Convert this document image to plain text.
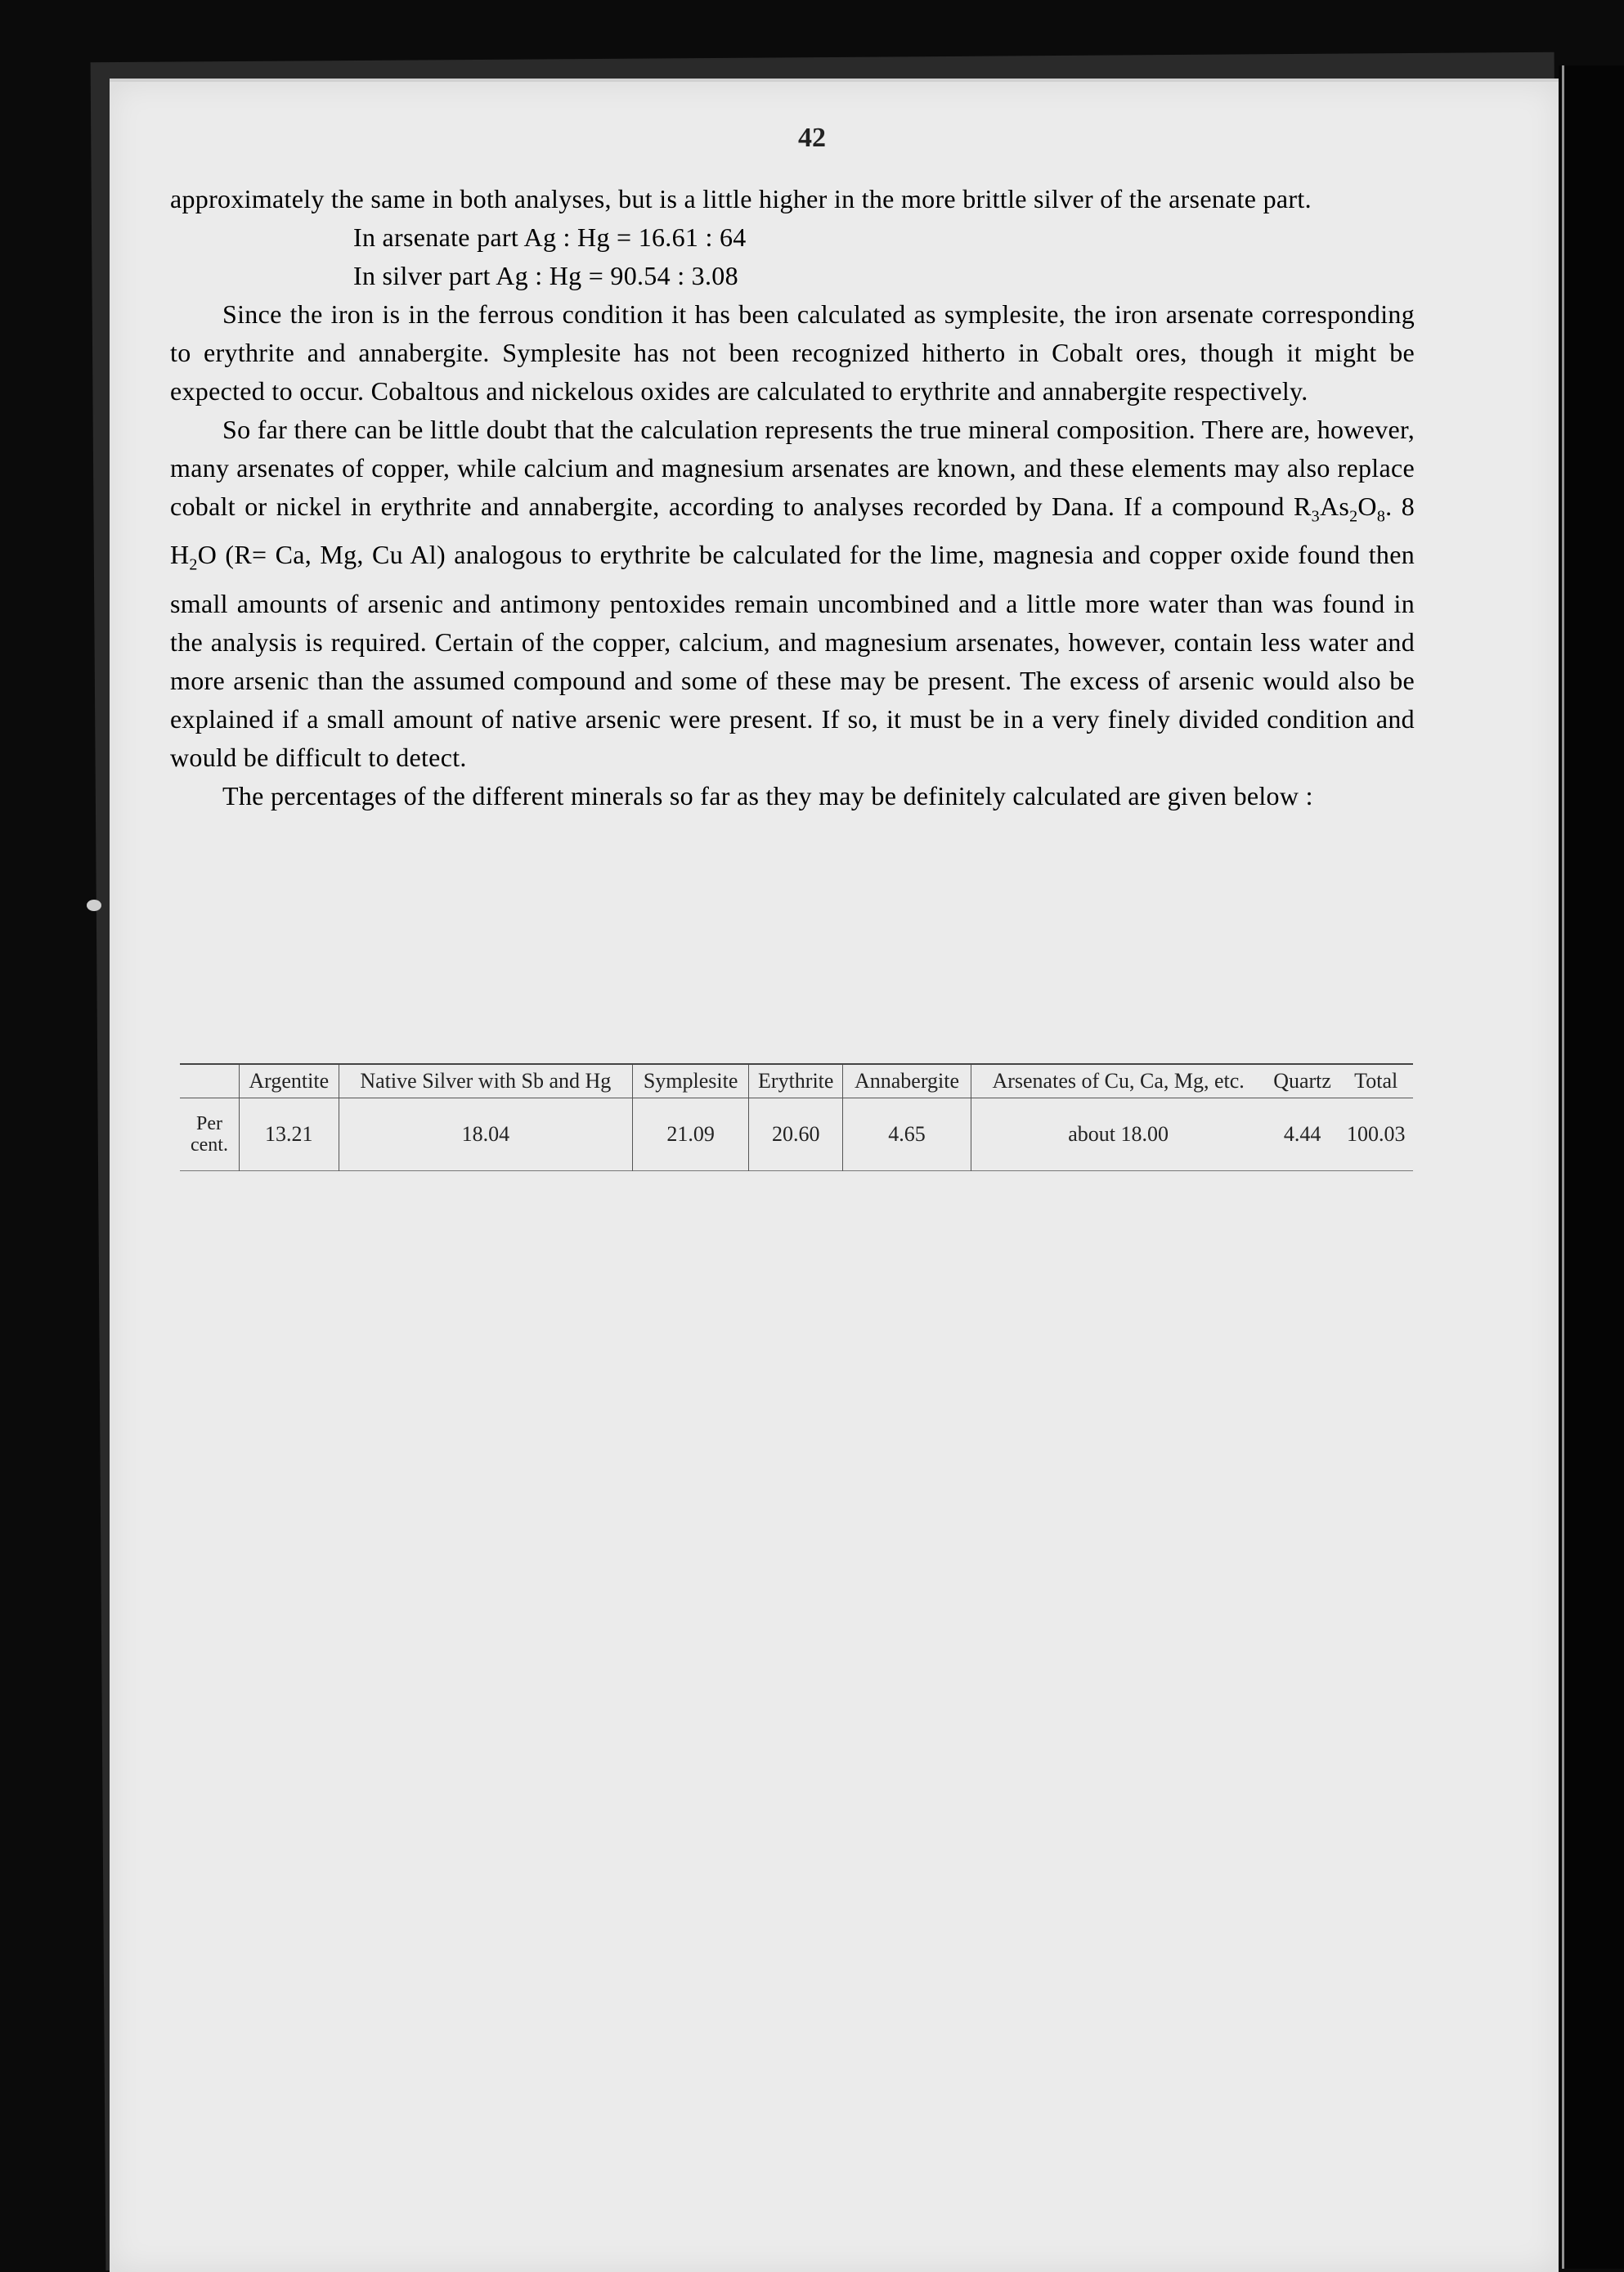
42

approximately the same in both analyses, but is a little higher in the more brittle silver of the arsenate part.

In arsenate part Ag : Hg = 16.61 : 64

In silver part Ag : Hg = 90.54 : 3.08

Since the iron is in the ferrous condition it has been calculated as symplesite, the iron arsenate corresponding to erythrite and annabergite. Symplesite has not been recognized hitherto in Cobalt ores, though it might be expected to occur. Cobaltous and nickelous oxides are calculated to erythrite and annabergite respectively.

So far there can be little doubt that the calculation represents the true mineral composition. There are, however, many arsenates of copper, while calcium and magnesium arsenates are known, and these elements may also replace cobalt or nickel in erythrite and annabergite, according to analyses recorded by Dana. If a compound $R_3As_2O_8$. 8 $H_2O$ (R= Ca, Mg, Cu Al) analogous to erythrite be calculated for the lime, magnesia and copper oxide found then small amounts of arsenic and antimony pentoxides remain uncombined and a little more water than was found in the analysis is required. Certain of the copper, calcium, and magnesium arsenates, however, contain less water and more arsenic than the assumed compound and some of these may be present. The excess of arsenic would also be explained if a small amount of native arsenic were present. If so, it must be in a very finely divided condition and would be difficult to detect.

The percentages of the different minerals so far as they may be definitely calculated are given below :

	Argentite	Native Silver with Sb and Hg	Symplesite	Erythrite	Annabergite	Arsenates of Cu, Ca, Mg, etc.	Quartz	Total
Per cent.	13.21	18.04	21.09	20.60	4.65	about 18.00	4.44	100.03
